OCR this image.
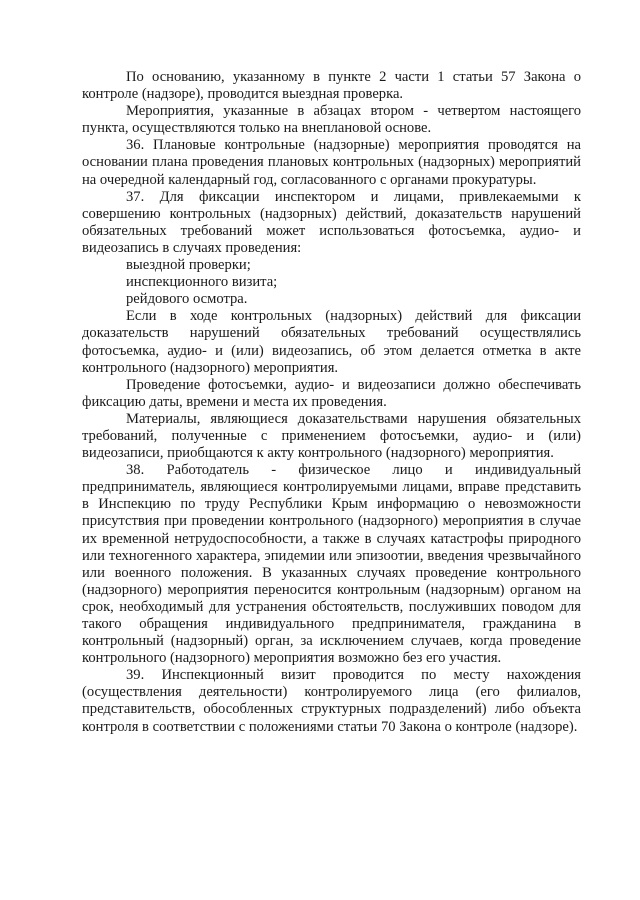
По основанию, указанному в пункте 2 части 1 статьи 57 Закона о контроле (надзоре), проводится выездная проверка.

Мероприятия, указанные в абзацах втором - четвертом настоящего пункта, осуществляются только на внеплановой основе.

36. Плановые контрольные (надзорные) мероприятия проводятся на основании плана проведения плановых контрольных (надзорных) мероприятий на очередной календарный год, согласованного с органами прокуратуры.

37. Для фиксации инспектором и лицами, привлекаемыми к совершению контрольных (надзорных) действий, доказательств нарушений обязательных требований может использоваться фотосъемка, аудио- и видеозапись в случаях проведения:

выездной проверки;

инспекционного визита;

рейдового осмотра.

Если в ходе контрольных (надзорных) действий для фиксации доказательств нарушений обязательных требований осуществлялись фотосъемка, аудио- и (или) видеозапись, об этом делается отметка в акте контрольного (надзорного) мероприятия.

Проведение фотосъемки, аудио- и видеозаписи должно обеспечивать фиксацию даты, времени и места их проведения.

Материалы, являющиеся доказательствами нарушения обязательных требований, полученные с применением фотосъемки, аудио- и (или) видеозаписи, приобщаются к акту контрольного (надзорного) мероприятия.

38. Работодатель - физическое лицо и индивидуальный предприниматель, являющиеся контролируемыми лицами, вправе представить в Инспекцию по труду Республики Крым информацию о невозможности присутствия при проведении контрольного (надзорного) мероприятия в случае их временной нетрудоспособности, а также в случаях катастрофы природного или техногенного характера, эпидемии или эпизоотии, введения чрезвычайного или военного положения. В указанных случаях проведение контрольного (надзорного) мероприятия переносится контрольным (надзорным) органом на срок, необходимый для устранения обстоятельств, послуживших поводом для такого обращения индивидуального предпринимателя, гражданина в контрольный (надзорный) орган, за исключением случаев, когда проведение контрольного (надзорного) мероприятия возможно без его участия.

39. Инспекционный визит проводится по месту нахождения (осуществления деятельности) контролируемого лица (его филиалов, представительств, обособленных структурных подразделений) либо объекта контроля в соответствии с положениями статьи 70 Закона о контроле (надзоре).
